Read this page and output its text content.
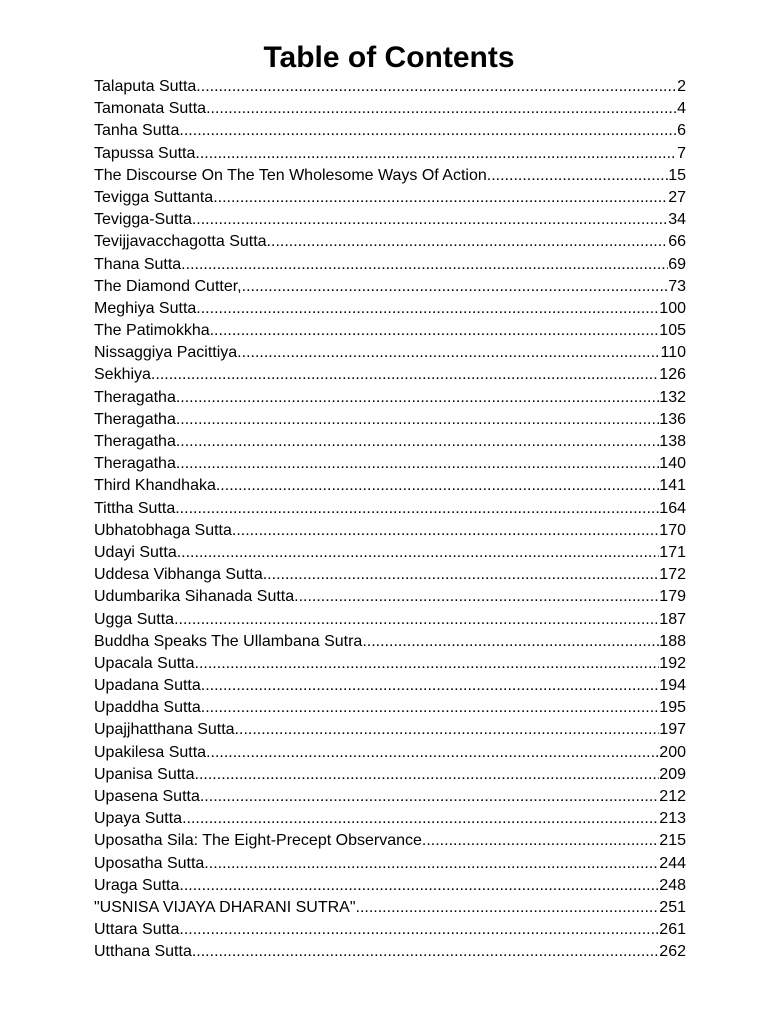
Table of Contents
Talaputa Sutta .....	2
Tamonata Sutta .....	4
Tanha Sutta .....	6
Tapussa Sutta .....	7
The Discourse On The Ten Wholesome Ways Of Action .....	15
Tevigga Suttanta .....	27
Tevigga-Sutta .....	34
Tevijjavacchagotta Sutta .....	66
Thana Sutta .....	69
The Diamond Cutter, .....	73
Meghiya Sutta .....	100
The Patimokkha .....	105
Nissaggiya Pacittiya .....	110
Sekhiya .....	126
Theragatha .....	132
Theragatha .....	136
Theragatha .....	138
Theragatha .....	140
Third Khandhaka .....	141
Tittha Sutta .....	164
Ubhatobhaga Sutta .....	170
Udayi Sutta .....	171
Uddesa Vibhanga Sutta .....	172
Udumbarika Sihanada Sutta .....	179
Ugga Sutta .....	187
Buddha Speaks The Ullambana Sutra .....	188
Upacala Sutta .....	192
Upadana Sutta .....	194
Upaddha Sutta .....	195
Upajjhatthana Sutta .....	197
Upakilesa Sutta .....	200
Upanisa Sutta .....	209
Upasena Sutta .....	212
Upaya Sutta .....	213
Uposatha Sila: The Eight-Precept Observance .....	215
Uposatha Sutta .....	244
Uraga Sutta .....	248
"USNISA VIJAYA DHARANI SUTRA" .....	251
Uttara Sutta .....	261
Utthana Sutta .....	262
